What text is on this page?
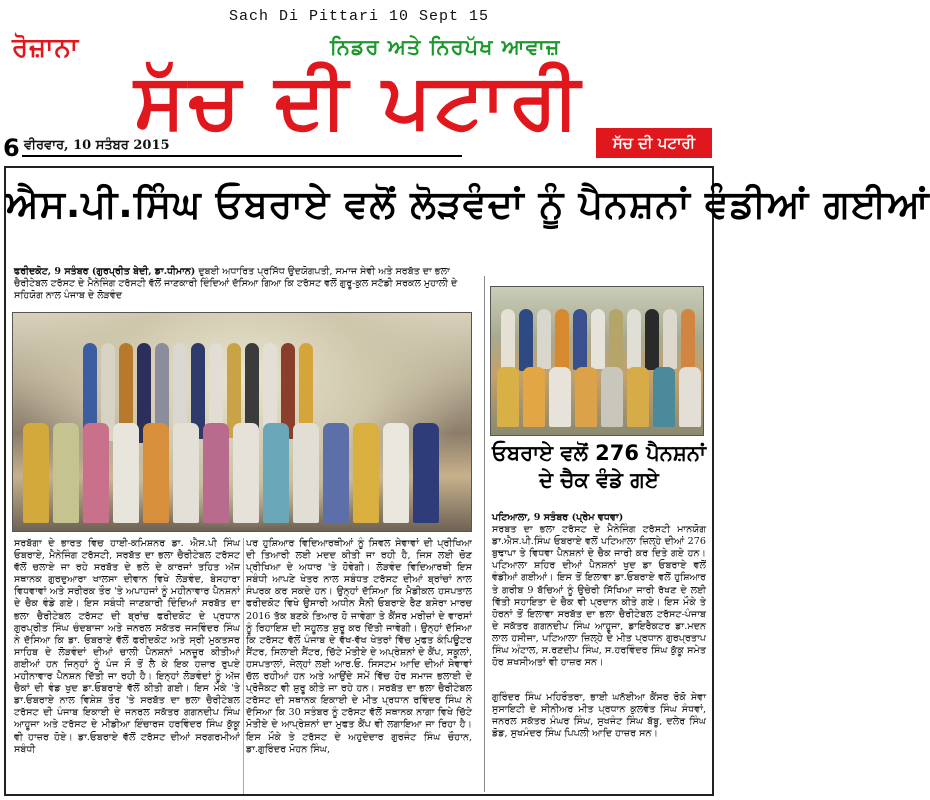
Sach Di Pittari 10 Sept 15
ਰੋਜ਼ਾਨਾ	ਨਿਡਰ ਅਤੇ ਨਿਰਪੱਖ ਆਵਾਜ਼
ਸੱਚ ਦੀ ਪਟਾਰੀ
6 ਵੀਰਵਾਰ, 10 ਸਤੰਬਰ 2015	ਸੱਚ ਦੀ ਪਟਾਰੀ
ਐਸ.ਪੀ.ਸਿੰਘ ਓਬਰਾਏ ਵਲੋਂ ਲੋੜਵੰਦਾਂ ਨੂੰ ਪੈਨਸ਼ਨਾਂ ਵੰਡੀਆਂ ਗਈਆਂ
ਫਰੀਦਕੋਟ, 9 ਸਤੰਬਰ (ਗੁਰਪ੍ਰੀਤ ਬੇਦੀ, ਡਾ.ਧੀਮਾਨ) ਦੁਬਈ ਅਧਾਰਿਤ ਪ੍ਰਸਿੱਧ ਉਦਯੋਗਪਤੀ, ਸਮਾਜ ਸੇਵੀ ਅਤੇ ਸਰਬੱਤ ਦਾ ਭਲਾ ਚੈਰੀਟੇਬਲ ਟਰੱਸਟ ਦੇ ਮੈਨੇਜਿੰਗ ਟਰੱਸਟੀ ਵੱਲੋਂ ਜਾਣਕਾਰੀ ਦਿੰਦਿਆਂ ਦੱਸਿਆ ਗਿਆ ਕਿ ਟਰੱਸਟ ਵਲੋਂ ਗੁਰੂ-ਕੁਲ ਸਟੱਡੀ ਸਰਕਲ ਮੁਹਾਲੀ ਦੇ ਸਹਿਯੋਗ ਨਾਲ ਪੰਜਾਬ ਦੇ ਲੋੜਵੰਦ
ਓਬਰਾਏ ਵਲੋਂ 276 ਪੈਨਸ਼ਨਾਂ ਦੇ ਚੈਕ ਵੰਡੇ ਗਏ
ਪਟਿਆਲਾ, 9 ਸਤੰਬਰ (ਪ੍ਰੇਮ ਵਧਵਾ)
ਸਰਬਤ ਦਾ ਭਲਾ ਟਰੱਸਟ ਦੇ ਮੈਨੇਜਿੰਗ ਟਰੱਸਟੀ ਮਾਨਯੋਗ ਡਾ.ਐਸ.ਪੀ.ਸਿੰਘ ਓਬਰਾਏ ਵਲੋਂ ਪਟਿਆਲਾ ਜ਼ਿਲ੍ਹੇ ਦੀਆਂ 276 ਬੁਢਾਪਾ ਤੇ ਵਿਧਵਾ ਪੈਨਸ਼ਨਾਂ ਦੇ ਚੈਕ ਜਾਰੀ ਕਰ ਦਿਤੇ ਗਏ ਹਨ। ਪਟਿਆਲਾ ਸ਼ਹਿਰ ਦੀਆਂ ਪੈਨਸ਼ਨਾਂ ਖੁਦ ਡਾ ਓਬਰਾਏ ਵਲੋਂ ਵੰਡੀਆਂ ਗਈਆਂ। ਇਸ ਤੋਂ ਇਲਾਵਾ ਡਾ.ਓਬਰਾਏ ਵਲੋਂ ਹੁਸ਼ਿਆਰ ਤੇ ਗਰੀਬ 9 ਬੱਚਿਆਂ ਨੂੰ ਉਚੇਰੀ ਸਿੱਖਿਆ ਜਾਰੀ ਰੱਖਣ ਦੇ ਲਈ ਵਿੱਤੀ ਸਹਾਇਤਾ ਦੇ ਚੈਕ ਵੀ ਪ੍ਰਦਾਨ ਕੀਤੇ ਗਏ। ਇਸ ਮੌਕੇ ਤੇ ਹੋਰਨਾਂ ਤੋਂ ਇਲਾਵਾ ਸਰਬੱਤ ਦਾ ਭਲਾ ਚੈਰੀਟੇਬਲ ਟਰੱਸਟ-ਪੰਜਾਬ ਦੇ ਸਕੱਤਰ ਗਗਨਦੀਪ ਸਿੰਘ ਆਹੂਜਾ, ਡਾਇਰੈਕਟਰ ਡਾ.ਮਦਨ ਲਾਲ ਹਸੀਜਾ, ਪਟਿਆਲਾ ਜ਼ਿਲ੍ਹੇ ਦੇ ਮੀਤ ਪ੍ਰਧਾਨ ਗੁਰਪ੍ਰਤਾਪ ਸਿੰਘ ਅੰਟਾਲ, ਸ.ਰਣਦੀਪ ਸਿੰਘ, ਸ.ਹਰਵਿੰਦਰ ਸਿੰਘ ਕੁੱਕੂ ਸਮੇਤ ਹੋਰ ਸ਼ਖਸੀਅਤਾਂ ਵੀ ਹਾਜ਼ਰ ਸਨ।
ਗੁਰਿੰਦਰ ਸਿੰਘ ਮਹਿਰੌਤਰਾ, ਭਾਈ ਘਨੱਈਆ ਕੈਂਸਰ ਰੋਕੋ ਸੇਵਾ ਸੁਸਾਇਟੀ ਦੇ ਸੀਨੀਅਰ ਮੀਤ ਪ੍ਰਧਾਨ ਕੁਲਵੰਤ ਸਿੰਘ ਸੰਧਵਾਂ, ਜਨਰਲ ਸਕੱਤਰ ਮੰਘਰ ਸਿੰਘ, ਸੁਖਜੰਟ ਸਿੰਘ ਬੱਬੂ, ਦਲੇਰ ਸਿੰਘ ਡੋਡ, ਸੁਖਮੰਦਰ ਸਿੰਘ ਪਿਪਲੀ ਆਦਿ ਹਾਜ਼ਰ ਸਨ।
ਸਰਬੱਗਾ ਦੇ ਭਾਰਤ ਵਿਚ ਹਾਈ-ਕਮਿਸ਼ਨਰ ਡਾ. ਐਸ.ਪੀ ਸਿੰਘ ਓਬਰਾਏ, ਮੈਨੇਜਿੰਗ ਟਰੱਸਟੀ, ਸਰਬੱਤ ਦਾ ਭਲਾ ਚੈਰੀਟੇਬਲ ਟਰੱਸਟ ਵੱਲੋਂ ਚਲਾਏ ਜਾ ਰਹੇ ਸਰਬੱਤ ਦੇ ਭਲੇ ਦੇ ਕਾਰਜਾਂ ਤਹਿਤ ਅੱਜ ਸਥਾਨਕ ਗੁਰਦੁਆਰਾ ਖਾਲਸਾ ਦੀਵਾਨ ਵਿਖੇ ਲੋੜਵੰਦ, ਬੇਸਹਾਰਾ ਵਿਧਵਾਵਾਂ ਅਤੇ ਸਰੀਰਕ ਤੌਰ 'ਤੇ ਅਪਾਹਜਾਂ ਨੂੰ ਮਹੀਨਾਵਾਰ ਪੈਨਸ਼ਨਾਂ ਦੇ ਚੈਕ ਵੰਡੇ ਗਏ। ਇਸ ਸਬੰਧੀ ਜਾਣਕਾਰੀ ਦਿੰਦਿਆਂ ਸਰਬੱਤ ਦਾ ਭਲਾ ਚੈਰੀਟੇਬਲ ਟਰੱਸਟ ਦੀ ਬ੍ਰਾਂਚ ਫਰੀਦਕੋਟ ਦੇ ਪ੍ਰਧਾਨ ਗੁਰਪ੍ਰੀਤ ਸਿੰਘ ਚੰਦਬਾਜਾ ਅਤੇ ਜਨਰਲ ਸਕੱਤਰ ਜਸਵਿੰਦਰ ਸਿੰਘ ਨੇ ਦੱਸਿਆ ਕਿ ਡਾ. ਓਬਰਾਏ ਵੱਲੋਂ ਫਰੀਦਕੋਟ ਅਤੇ ਸ੍ਰੀ ਮੁਕਤਸਰ ਸਾਹਿਬ ਦੇ ਲੋੜਵੰਦਾਂ ਦੀਆਂ ਚਾਲੀ ਪੈਨਸ਼ਨਾਂ ਮਨਜ਼ੂਰ ਕੀਤੀਆਂ ਗਈਆਂ ਹਨ ਜਿਨ੍ਹਾਂ ਨੂੰ ਪੰਜ ਸੌ ਤੋਂ ਲੈ ਕੇ ਇਕ ਹਜ਼ਾਰ ਰੁਪਏ ਮਹੀਨਾਵਾਰ ਪੈਨਸ਼ਨ ਦਿੱਤੀ ਜਾ ਰਹੀ ਹੈ। ਇਨ੍ਹਾਂ ਲੋੜਵੰਦਾਂ ਨੂੰ ਅੱਜ ਚੈਕਾਂ ਦੀ ਵੰਡ ਖੁਦ ਡਾ.ਓਬਰਾਏ ਵੱਲੋਂ ਕੀਤੀ ਗਈ। ਇਸ ਮੌਕੇ 'ਤੇ ਡਾ.ਓਬਰਾਏ ਨਾਲ ਵਿਸ਼ੇਸ਼ ਤੌਰ 'ਤੇ ਸਰਬੱਤ ਦਾ ਭਲਾ ਚੈਰੀਟੇਬਲ ਟਰੱਸਟ ਦੀ ਪੰਜਾਬ ਇਕਾਈ ਦੇ ਜਨਰਲ ਸਕੱਤਰ ਗਗਨਦੀਪ ਸਿੰਘ ਆਹੂਜਾ ਅਤੇ ਟਰੱਸਟ ਦੇ ਮੀਡੀਆ ਇੰਚਾਰਜ ਹਰਵਿੰਦਰ ਸਿੰਘ ਕੁੱਕੂ ਵੀ ਹਾਜ਼ਰ ਹੋਏ। ਡਾ.ਓਬਰਾਏ ਵੱਲੋਂ ਟਰੱਸਟ ਦੀਆਂ ਸਰਗਰਮੀਆਂ ਸਬੰਧੀ
ਪਰ ਹੁਸ਼ਿਆਰ ਵਿਦਿਆਰਥੀਆਂ ਨੂੰ ਸਿਵਲ ਸੇਵਾਵਾਂ ਦੀ ਪ੍ਰੀਖਿਆ ਦੀ ਤਿਆਰੀ ਲਈ ਮਦਦ ਕੀਤੀ ਜਾ ਰਹੀ ਹੈ, ਜਿਸ ਲਈ ਚੋਣ ਪ੍ਰੀਖਿਆ ਦੇ ਅਧਾਰ 'ਤੇ ਹੋਵੇਗੀ। ਲੋੜਵੰਦ ਵਿਦਿਆਰਥੀ ਇਸ ਸਬੰਧੀ ਆਪਣੇ ਖੇਤਰ ਨਾਲ ਸਬੰਧਤ ਟਰੱਸਟ ਦੀਆਂ ਬ੍ਰਾਂਚਾਂ ਨਾਲ ਸੰਪਰਕ ਕਰ ਸਕਦੇ ਹਨ। ਉਨ੍ਹਾਂ ਦੱਸਿਆ ਕਿ ਮੈਡੀਕਲ ਹਸਪਤਾਲ ਫਰੀਦਕੋਟ ਵਿਖੇ ਉਸਾਰੀ ਅਧੀਨ ਸੈਨੀ ਓਬਰਾਏ ਰੈਣ ਬਸੇਰਾ ਮਾਰਚ 2016 ਤੱਕ ਬਣਕੇ ਤਿਆਰ ਹੋ ਜਾਵੇਗਾ ਤੇ ਕੈਂਸਰ ਮਰੀਜ਼ਾਂ ਦੇ ਵਾਰਸਾਂ ਨੂੰ ਰਿਹਾਇਸ਼ ਦੀ ਸਹੂਲਤ ਸ਼ੁਰੂ ਕਰ ਦਿੱਤੀ ਜਾਵੇਗੀ। ਉਨ੍ਹਾਂ ਦੱਸਿਆ ਕਿ ਟਰੱਸਟ ਵੱਲੋਂ ਪੰਜਾਬ ਦੇ ਵੱਖ-ਵੱਖ ਖੇਤਰਾਂ ਵਿੱਚ ਮੁਫਤ ਕੰਪਿਊਟਰ ਸੈਂਟਰ, ਸਿਲਾਈ ਸੈਂਟਰ, ਚਿੱਟੇ ਮੋਤੀਏ ਦੇ ਅਪ੍ਰੇਸ਼ਨਾਂ ਦੇ ਕੈਂਪ, ਸਕੂਲਾਂ, ਹਸਪਤਾਲਾਂ, ਜੇਲ੍ਹਾਂ ਲਈ ਆਰ.ਓ. ਸਿਸਟਮ ਆਦਿ ਦੀਆਂ ਸੇਵਾਵਾਂ ਚੱਲ ਰਹੀਆਂ ਹਨ ਅਤੇ ਆਉਂਦੇ ਸਮੇਂ ਵਿੱਚ ਹੋਰ ਸਮਾਜ ਭਲਾਈ ਦੇ ਪ੍ਰੋਜੈਕਟ ਵੀ ਸ਼ੁਰੂ ਕੀਤੇ ਜਾ ਰਹੇ ਹਨ। ਸਰਬੱਤ ਦਾ ਭਲਾ ਚੈਰੀਟੇਬਲ ਟਰੱਸਟ ਦੀ ਸਥਾਨਕ ਇਕਾਈ ਦੇ ਮੀਤ ਪ੍ਰਧਾਨ ਰਵਿੰਦਰ ਸਿੰਘ ਨੇ ਦੱਸਿਆ ਕਿ 30 ਸਤੰਬਰ ਨੂੰ ਟਰੱਸਟ ਵੱਲੋਂ ਸਥਾਨਕ ਨਾਗਾ ਵਿਖੇ ਚਿੱਟੇ ਮੋਤੀਏ ਦੇ ਆਪ੍ਰੇਸ਼ਨਾਂ ਦਾ ਮੁਫਤ ਕੈਂਪ ਵੀ ਲਗਾਇਆ ਜਾ ਰਿਹਾ ਹੈ। ਇਸ ਮੌਕੇ ਤੇ ਟਰੱਸਟ ਦੇ ਅਹੁਦੇਦਾਰ ਗੁਰਜੰਟ ਸਿੰਘ ਚੌਹਾਨ, ਡਾ.ਗੁਰਿੰਦਰ ਮੋਹਨ ਸਿੰਘ,
